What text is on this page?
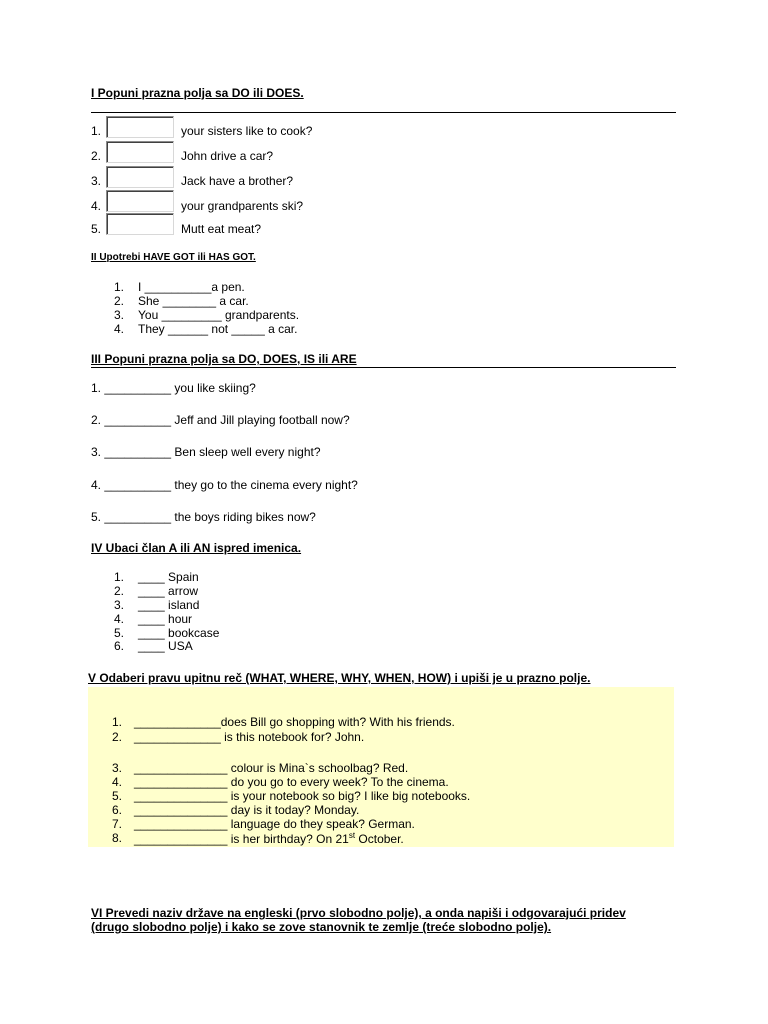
I Popuni prazna polja sa DO ili DOES.
1.	your sisters like to cook?
2.	John drive a car?
3.	Jack have a brother?
4.	your grandparents ski?
5.	Mutt eat meat?
II Upotrebi HAVE GOT ili HAS GOT.
1. I __________a pen.
2. She ________ a car.
3. You _________ grandparents.
4. They ______ not _____ a car.
III Popuni prazna polja sa DO, DOES, IS ili ARE
1. __________ you like skiing?
2. __________ Jeff and Jill playing football now?
3. __________ Ben sleep well every night?
4. __________ they go to the cinema every night?
5. __________ the boys riding bikes now?
IV Ubaci član A ili AN ispred imenica.
1. ____ Spain
2. ____ arrow
3. ____ island
4. ____ hour
5. ____ bookcase
6. ____ USA
V Odaberi pravu upitnu reč (WHAT, WHERE, WHY, WHEN, HOW) i upiši je u prazno polje.
1. _____________does Bill go shopping with? With his friends.
2. _____________ is this notebook for? John.
3. ______________ colour is Mina`s schoolbag? Red.
4. ______________ do you go to every week? To the cinema.
5. ______________ is your notebook so big? I like big notebooks.
6. ______________ day is it today? Monday.
7. ______________ language do they speak? German.
8. ______________ is her birthday? On 21st October.
VI Prevedi naziv države na engleski (prvo slobodno polje), a onda napiši i odgovarajući pridev
(drugo slobodno polje) i kako se zove stanovnik te zemlje (treće slobodno polje).
